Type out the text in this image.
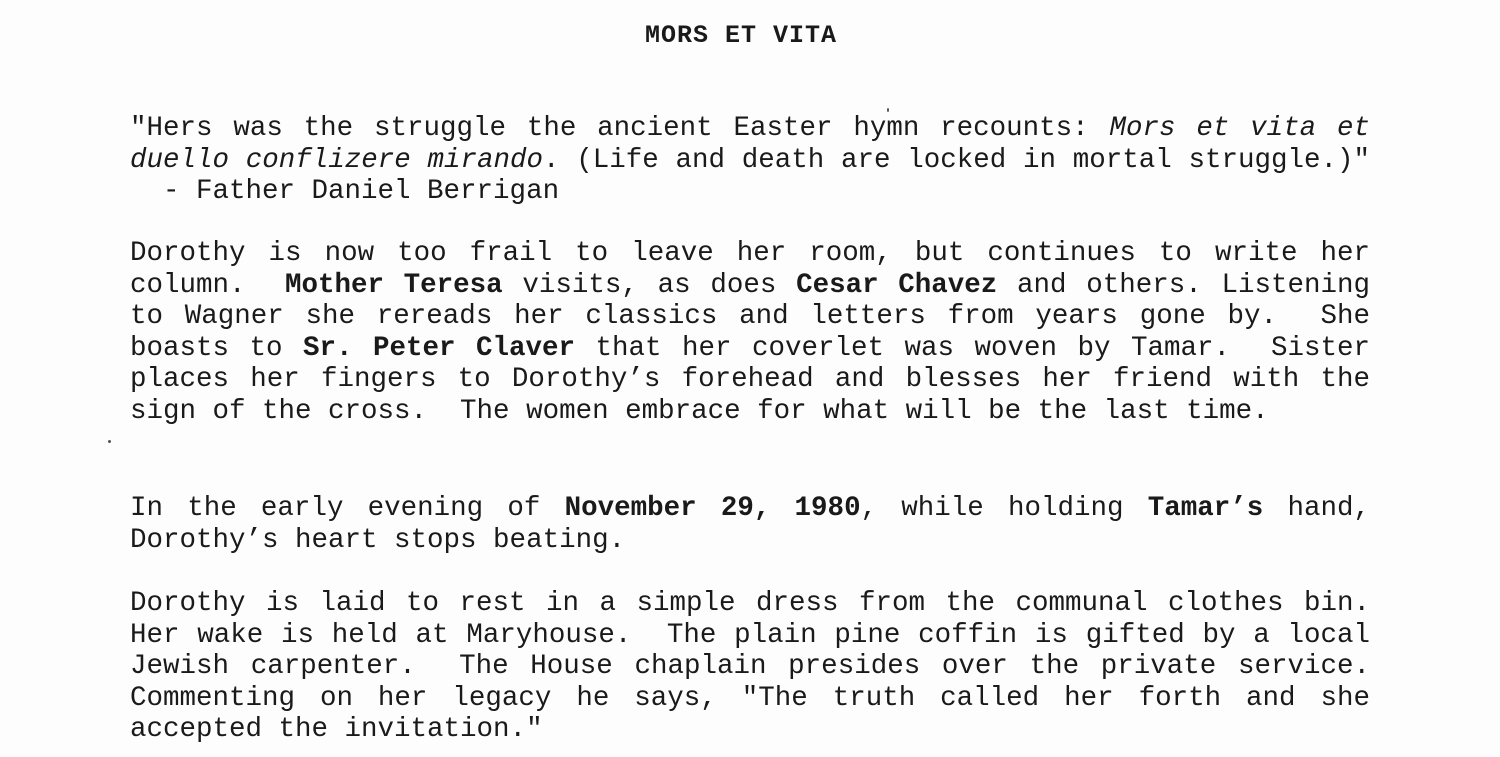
MORS ET VITA

"Hers was the struggle the ancient Easter hymn recounts: Mors et vita et duello conflizere mirando. (Life and death are locked in mortal struggle.)"  - Father Daniel Berrigan

Dorothy is now too frail to leave her room, but continues to write her column.  Mother Teresa visits, as does Cesar Chavez and others. Listening to Wagner she rereads her classics and letters from years gone by.  She boasts to Sr. Peter Claver that her coverlet was woven by Tamar.  Sister places her fingers to Dorothy’s forehead and blesses her friend with the sign of the cross.  The women embrace for what will be the last time.

In the early evening of November 29, 1980, while holding Tamar’s hand, Dorothy’s heart stops beating.

Dorothy is laid to rest in a simple dress from the communal clothes bin.  Her wake is held at Maryhouse.  The plain pine coffin is gifted by a local Jewish carpenter.  The House chaplain presides over the private service.  Commenting on her legacy he says, "The truth called her forth and she accepted the invitation."
